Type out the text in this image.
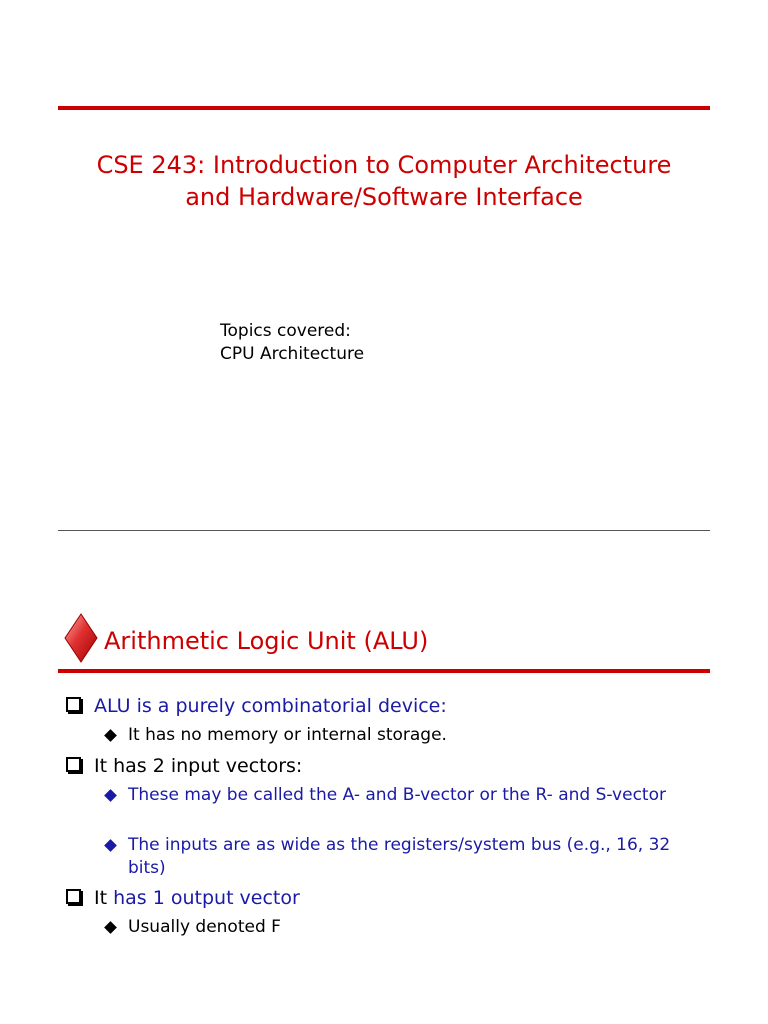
CSE 243: Introduction to Computer Architecture
and Hardware/Software Interface
Topics covered:
CPU Architecture
Arithmetic Logic Unit (ALU)
ALU is a purely combinatorial device:
It has no memory or internal storage.
It has 2 input vectors:
These may be called the A- and B-vector or the R- and S-vector
The inputs are as wide as the registers/system bus (e.g., 16, 32 bits)
It has 1 output vector
Usually denoted F
